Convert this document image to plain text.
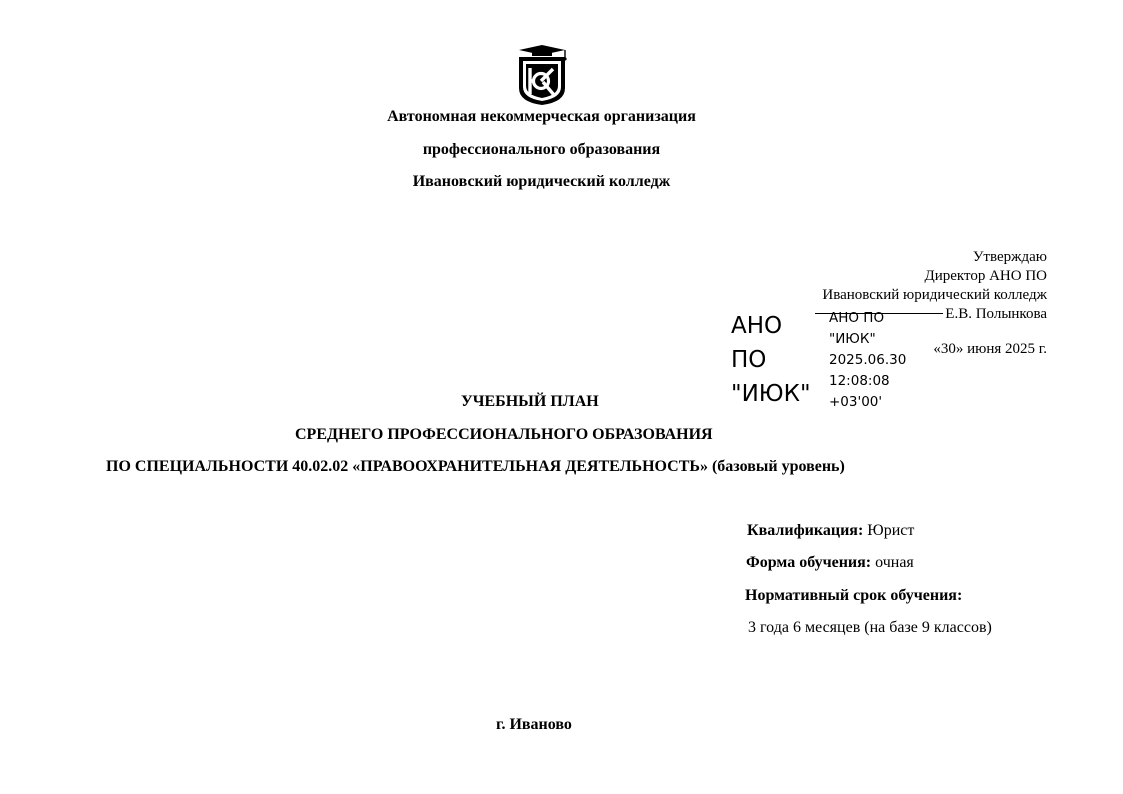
Автономная некоммерческая организация
профессионального образования
Ивановский юридический колледж
Утверждаю
Директор АНО ПО
Ивановский юридический колледж
Е.В. Полынкова
«30» июня 2025 г.
АНО
ПО
"ИЮК"
АНО ПО
"ИЮК"
2025.06.30
12:08:08
+03'00'
УЧЕБНЫЙ ПЛАН
СРЕДНЕГО ПРОФЕССИОНАЛЬНОГО ОБРАЗОВАНИЯ
ПО СПЕЦИАЛЬНОСТИ 40.02.02 «ПРАВООХРАНИТЕЛЬНАЯ ДЕЯТЕЛЬНОСТЬ» (базовый уровень)
Квалификация: Юрист
Форма обучения: очная
Нормативный срок обучения:
3 года 6 месяцев (на базе 9 классов)
г. Иваново
